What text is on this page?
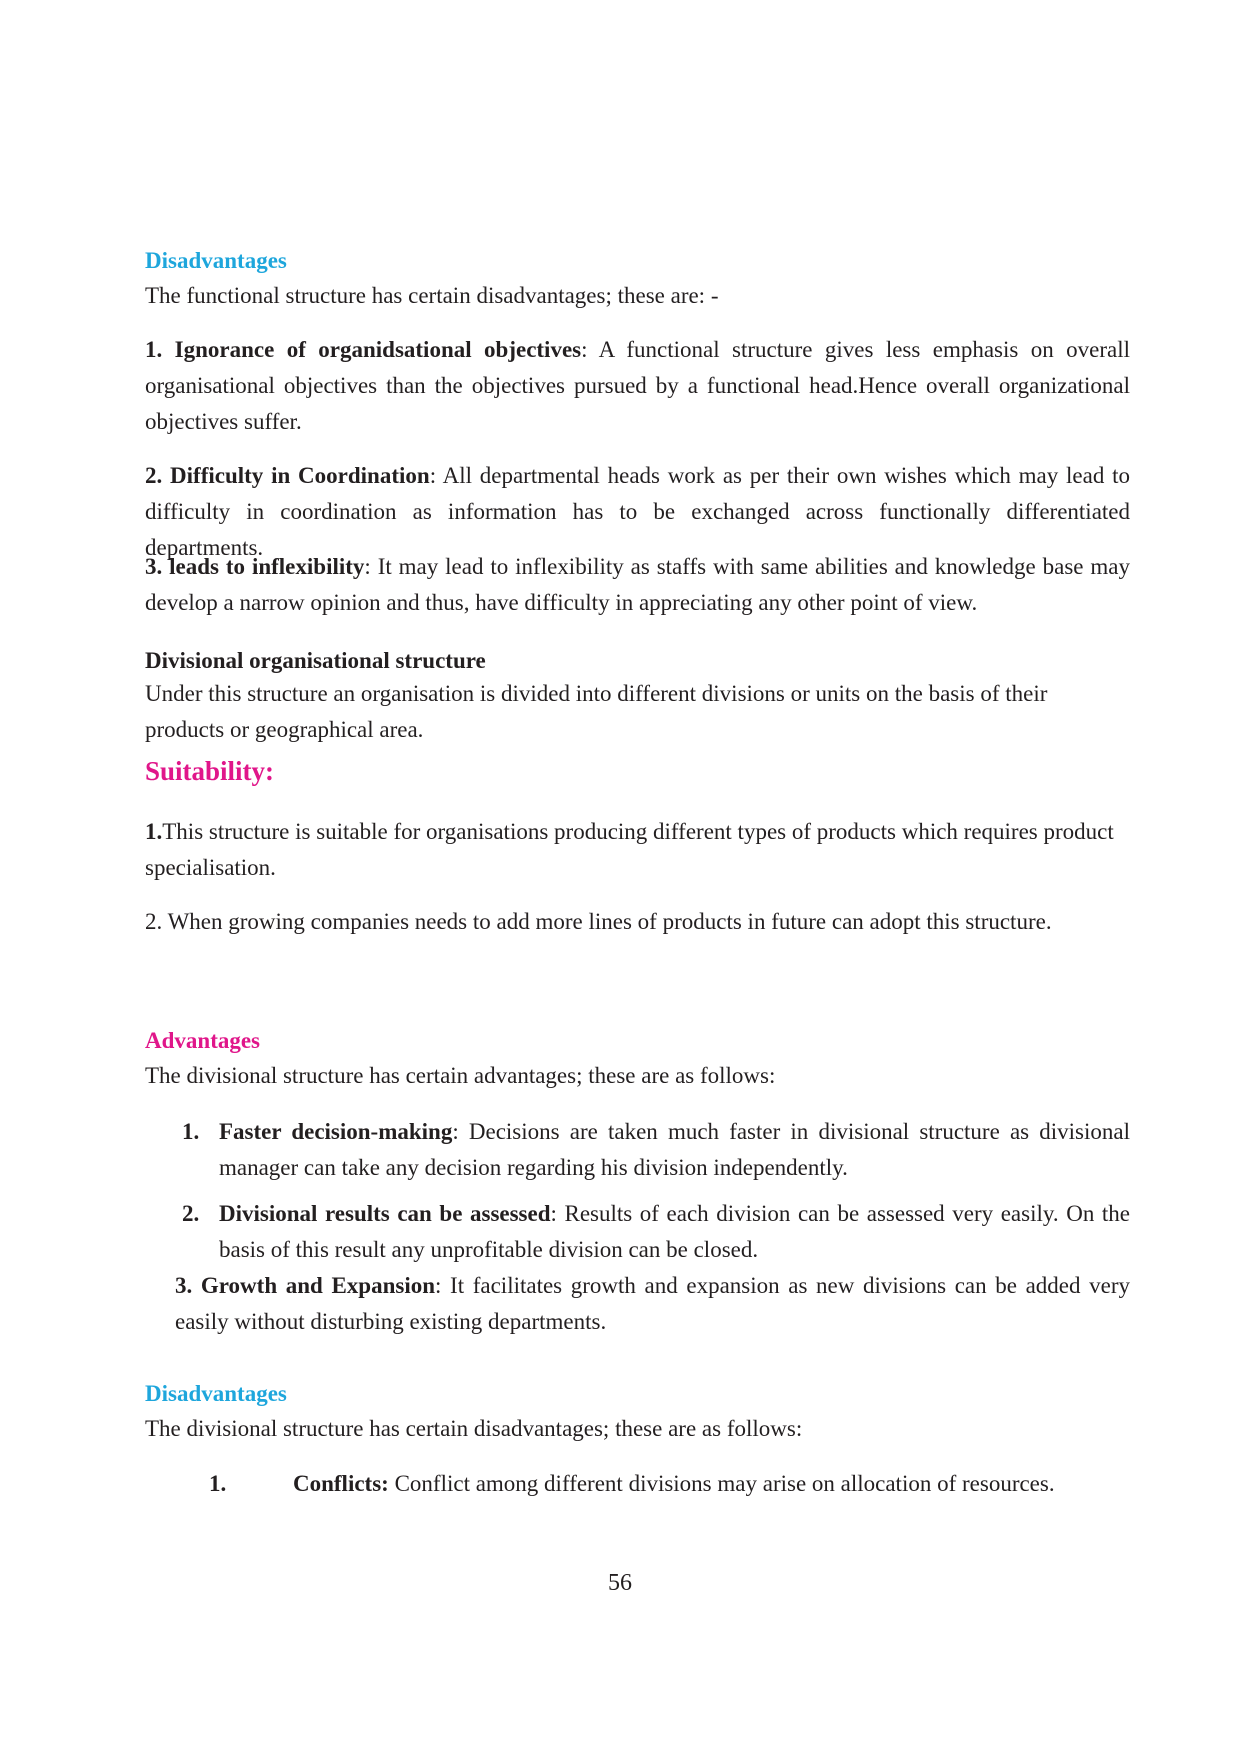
Disadvantages

The functional structure has certain disadvantages; these are: -

1. Ignorance of organidsational objectives: A functional structure gives less emphasis on overall organisational objectives than the objectives pursued by a functional head.Hence overall organizational objectives suffer.

2. Difficulty in Coordination: All departmental heads work as per their own wishes which may lead to difficulty in coordination as information has to be exchanged across functionally differentiated departments.

3. leads to inflexibility: It may lead to inflexibility as staffs with same abilities and knowledge base may develop a narrow opinion and thus, have difficulty in appreciating any other point of view.

Divisional organisational structure

Under this structure an organisation is divided into different divisions or units on the basis of their products or geographical area.

Suitability:

1.This structure is suitable for organisations producing different types of products which requires product specialisation.

2. When growing companies needs to add more lines of products in future can adopt this structure.

Advantages

The divisional structure has certain advantages; these are as follows:

1. Faster decision-making: Decisions are taken much faster in divisional structure as divisional manager can take any decision regarding his division independently.

2. Divisional results can be assessed: Results of each division can be assessed very easily. On the basis of this result any unprofitable division can be closed.

3. Growth and Expansion: It facilitates growth and expansion as new divisions can be added very easily without disturbing existing departments.

Disadvantages

The divisional structure has certain disadvantages; these are as follows:

1.	Conflicts: Conflict among different divisions may arise on allocation of resources.

56
